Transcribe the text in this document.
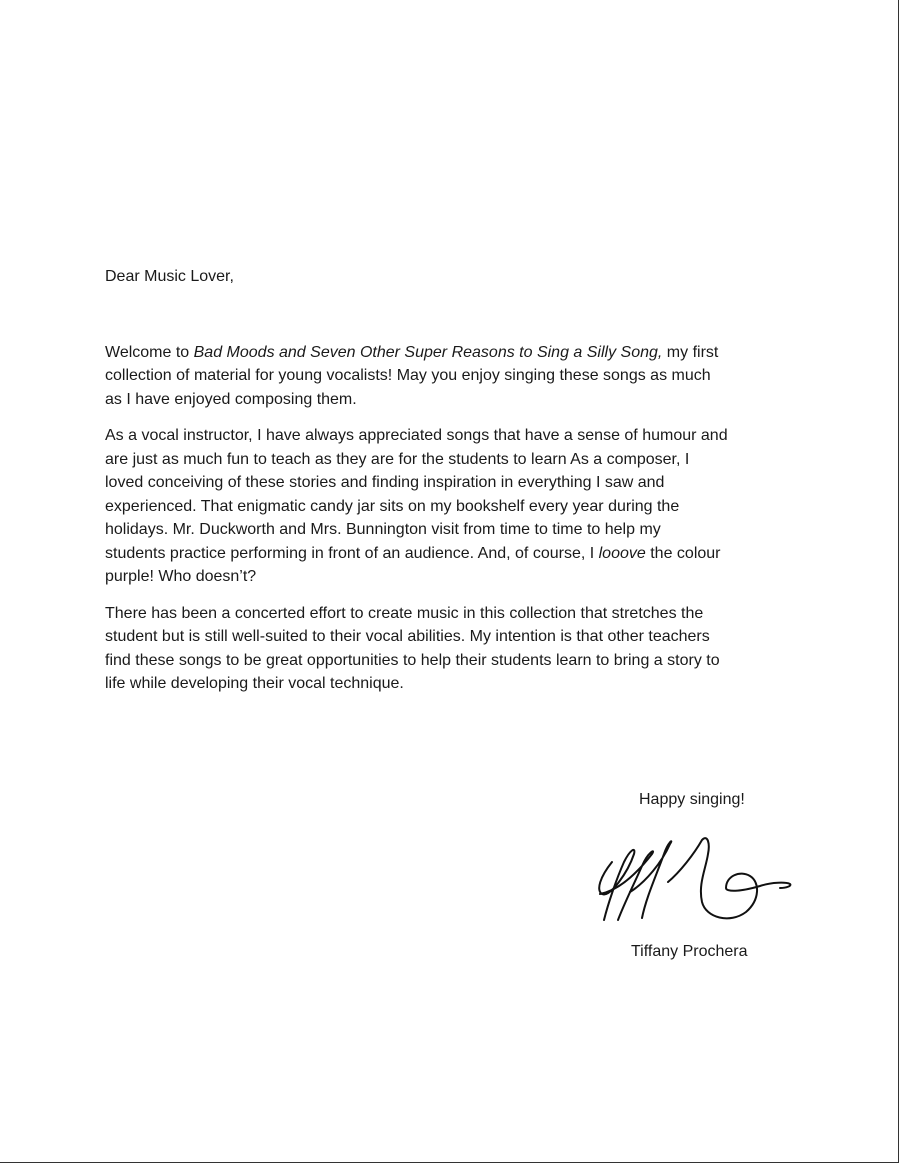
Dear Music Lover,

Welcome to Bad Moods and Seven Other Super Reasons to Sing a Silly Song, my first
collection of material for young vocalists! May you enjoy singing these songs as much
as I have enjoyed composing them.

As a vocal instructor, I have always appreciated songs that have a sense of humour and
are just as much fun to teach as they are for the students to learn As a composer, I
loved conceiving of these stories and finding inspiration in everything I saw and
experienced. That enigmatic candy jar sits on my bookshelf every year during the
holidays. Mr. Duckworth and Mrs. Bunnington visit from time to time to help my
students practice performing in front of an audience. And, of course, I looove the colour
purple! Who doesn’t?

There has been a concerted effort to create music in this collection that stretches the
student but is still well-suited to their vocal abilities. My intention is that other teachers
find these songs to be great opportunities to help their students learn to bring a story to
life while developing their vocal technique.

Happy singing!
Tiffany Prochera
